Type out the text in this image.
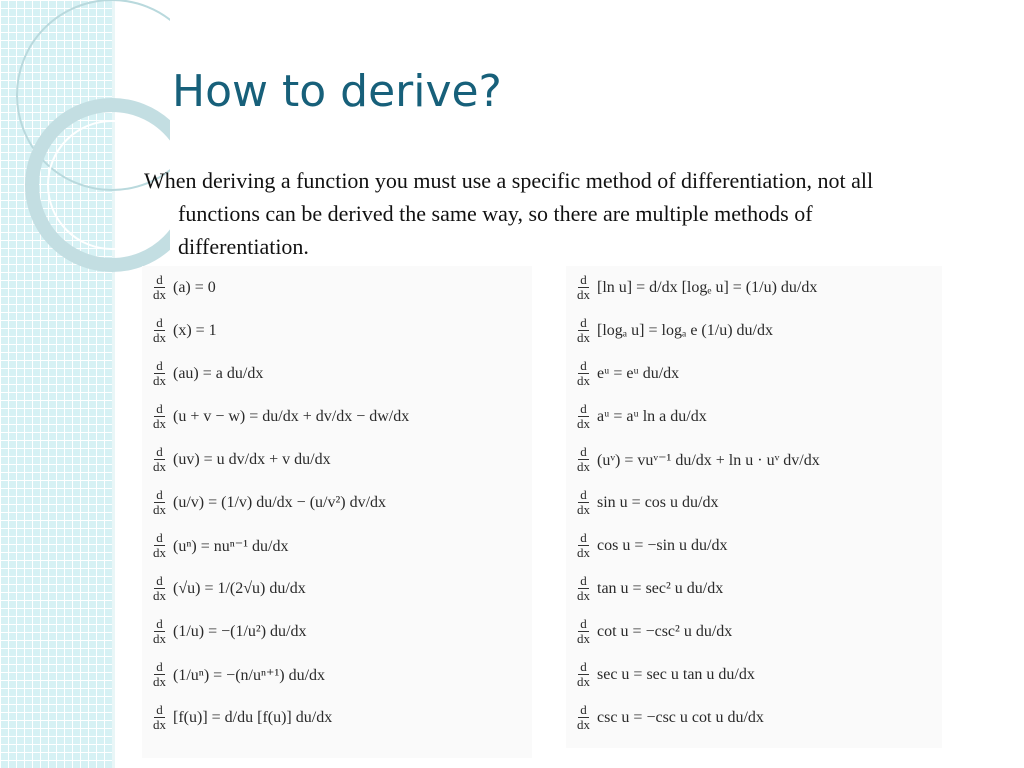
How to derive?

When deriving a function you must use a specific method of differentiation, not all functions can be derived the same way, so there are multiple methods of differentiation.

$\frac{d}{dx} (a) = 0$
$\frac{d}{dx} (x) = 1$
$\frac{d}{dx} (au) = a$ du/dx
$\frac{d}{dx} (u + v - w) = du/dx + dv/dx - dw/dx$
$\frac{d}{dx} (uv) = u$ dv/dx + v du/dx
$\frac{d}{dx} (u/v) = (1/v) du/dx - (u/v^2)$ dv/dx
$\frac{d}{dx} (u^n) = nu^{n-1}$ du/dx
$\frac{d}{dx} (√u) = 1/(2√u)$ du/dx
$\frac{d}{dx} (1/u) = -(1/u^2)$ du/dx
$\frac{d}{dx} (1/u^n) = -(n/u^{n+1})$ du/dx
$\frac{d}{dx} [f(u)] = d/du$ [f(u)] du/dx
$\frac{d}{dx} [\ln$ u] = d/dx [logₑ u] = (1/u) du/dx
$\frac{d}{dx} [\log_a$ u] = logₐ e (1/u) du/dx
$\frac{d}{dx}$ eᵘ = eᵘ du/dx
$\frac{d}{dx}$ aᵘ = aᵘ ln a du/dx
$\frac{d}{dx}$ (uᵛ) = vuᵛ⁻¹ du/dx + ln u · uᵛ dv/dx
$\frac{d}{dx}$ sin u = cos u du/dx
$\frac{d}{dx}$ cos u = −sin u du/dx
$\frac{d}{dx}$ tan u = sec² u du/dx
$\frac{d}{dx}$ cot u = −csc² u du/dx
$\frac{d}{dx}$ sec u = sec u tan u du/dx
$\frac{d}{dx}$ csc u = −csc u cot u du/dx
